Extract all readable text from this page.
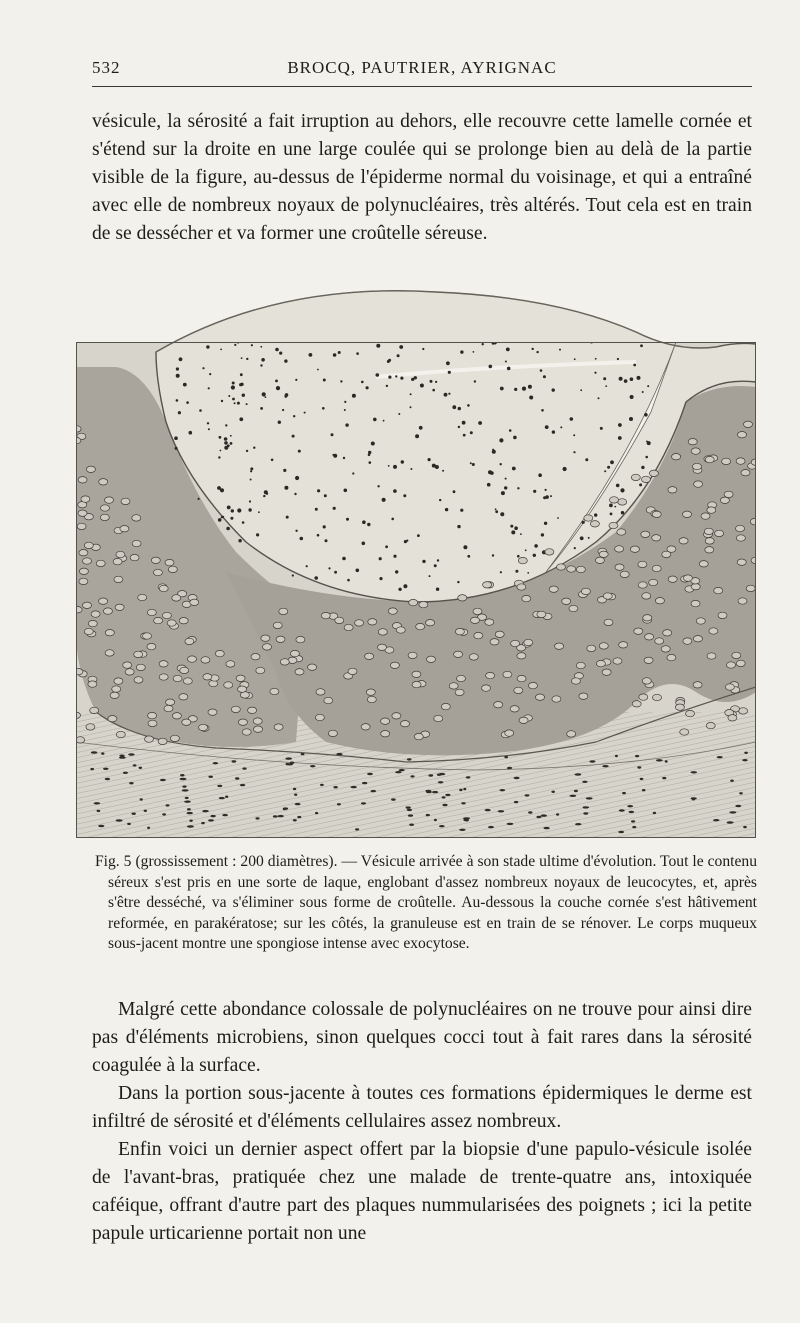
532	BROCQ, PAUTRIER, AYRIGNAC
vésicule, la sérosité a fait irruption au dehors, elle recouvre cette lamelle cornée et s'étend sur la droite en une large coulée qui se prolonge bien au delà de la partie visible de la figure, au-dessus de l'épiderme normal du voisinage, et qui a entraîné avec elle de nombreux noyaux de polynucléaires, très altérés. Tout cela est en train de se dessécher et va former une croûtelle séreuse.

Fig. 5 (grossissement : 200 diamètres). — Vésicule arrivée à son stade ultime d'évolution. Tout le contenu séreux s'est pris en une sorte de laque, englobant d'assez nombreux noyaux de leucocytes, et, après s'être desséché, va s'éliminer sous forme de croûtelle. Au-dessous la couche cornée s'est hâtivement reformée, en parakératose; sur les côtés, la granuleuse est en train de se rénover. Le corps muqueux sous-jacent montre une spongiose intense avec exocytose.

Malgré cette abondance colossale de polynucléaires on ne trouve pour ainsi dire pas d'éléments microbiens, sinon quelques cocci tout à fait rares dans la sérosité coagulée à la surface.

Dans la portion sous-jacente à toutes ces formations épidermiques le derme est infiltré de sérosité et d'éléments cellulaires assez nombreux.

Enfin voici un dernier aspect offert par la biopsie d'une papulo-vésicule isolée de l'avant-bras, pratiquée chez une malade de trente-quatre ans, intoxiquée caféique, offrant d'autre part des plaques nummularisées des poignets ; ici la petite papule urticarienne portait non une
